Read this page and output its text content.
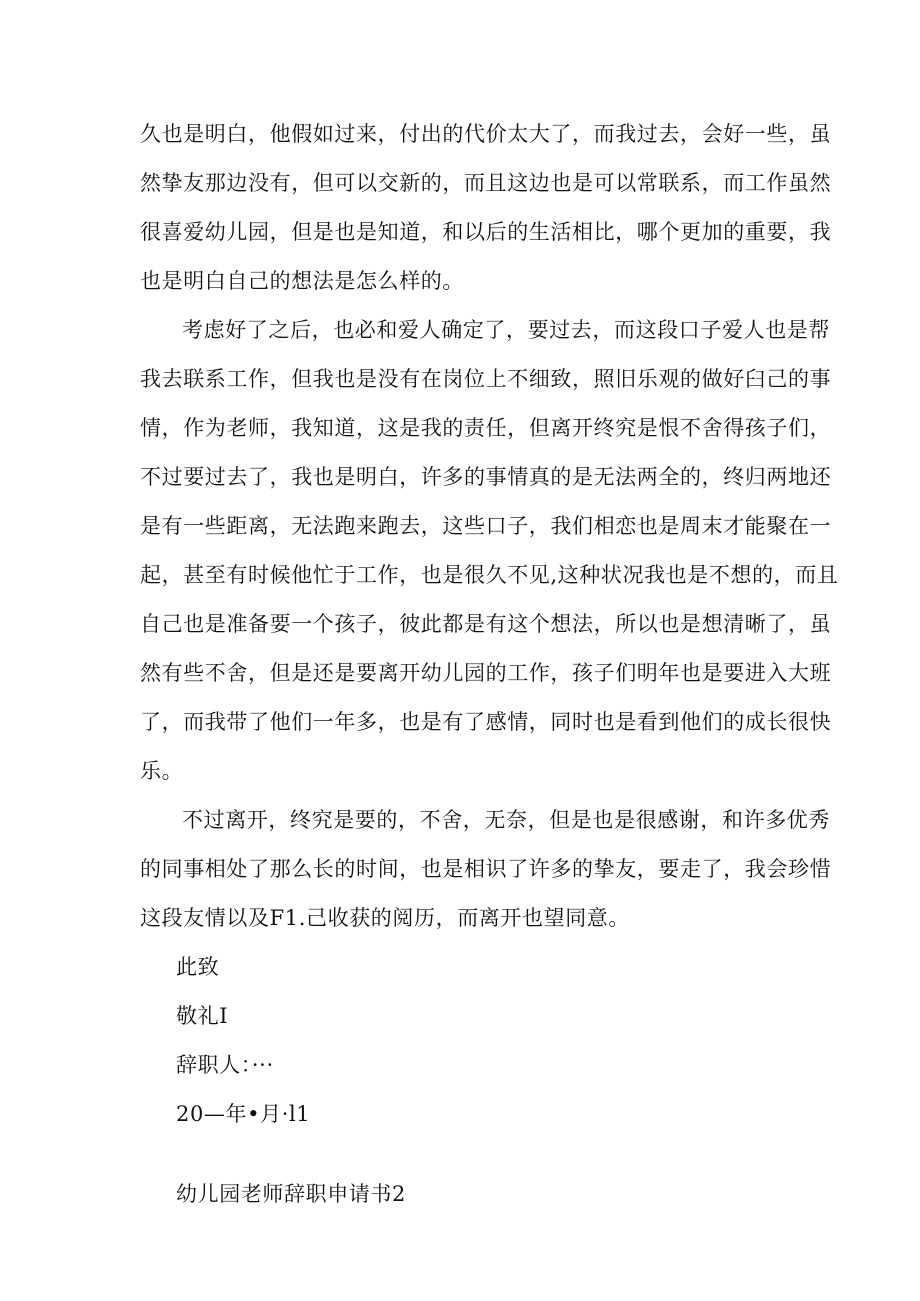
久也是明白，他假如过来，付出的代价太大了，而我过去，会好一些，虽
然挚友那边没有，但可以交新的，而且这边也是可以常联系，而工作虽然
很喜爱幼儿园，但是也是知道，和以后的生活相比，哪个更加的重要，我
也是明白自己的想法是怎么样的。
考虑好了之后，也必和爱人确定了，要过去，而这段口子爱人也是帮
我去联系工作，但我也是没有在岗位上不细致，照旧乐观的做好臼己的事
情，作为老师，我知道，这是我的责任，但离开终究是恨不舍得孩子们，
不过要过去了，我也是明白，许多的事情真的是无法两全的，终归两地还
是有一些距离，无法跑来跑去，这些口子，我们相恋也是周末才能聚在一
起，甚至有时候他忙于工作，也是很久不见,这种状况我也是不想的，而且
自己也是准备要一个孩子，彼此都是有这个想法，所以也是想清晰了，虽
然有些不舍，但是还是要离开幼儿园的工作，孩子们明年也是要进入大班
了，而我带了他们一年多，也是有了感情，同时也是看到他们的成长很快
乐。
不过离开，终究是要的，不舍，无奈，但是也是很感谢，和许多优秀
的同事相处了那么长的时间，也是相识了许多的挚友，要走了，我会珍惜
这段友情以及F1.己收获的阅历，而离开也望同意。
此致
敬礼I
辞职人：···
20—年•月·l1
幼儿园老师辞职申请书2
